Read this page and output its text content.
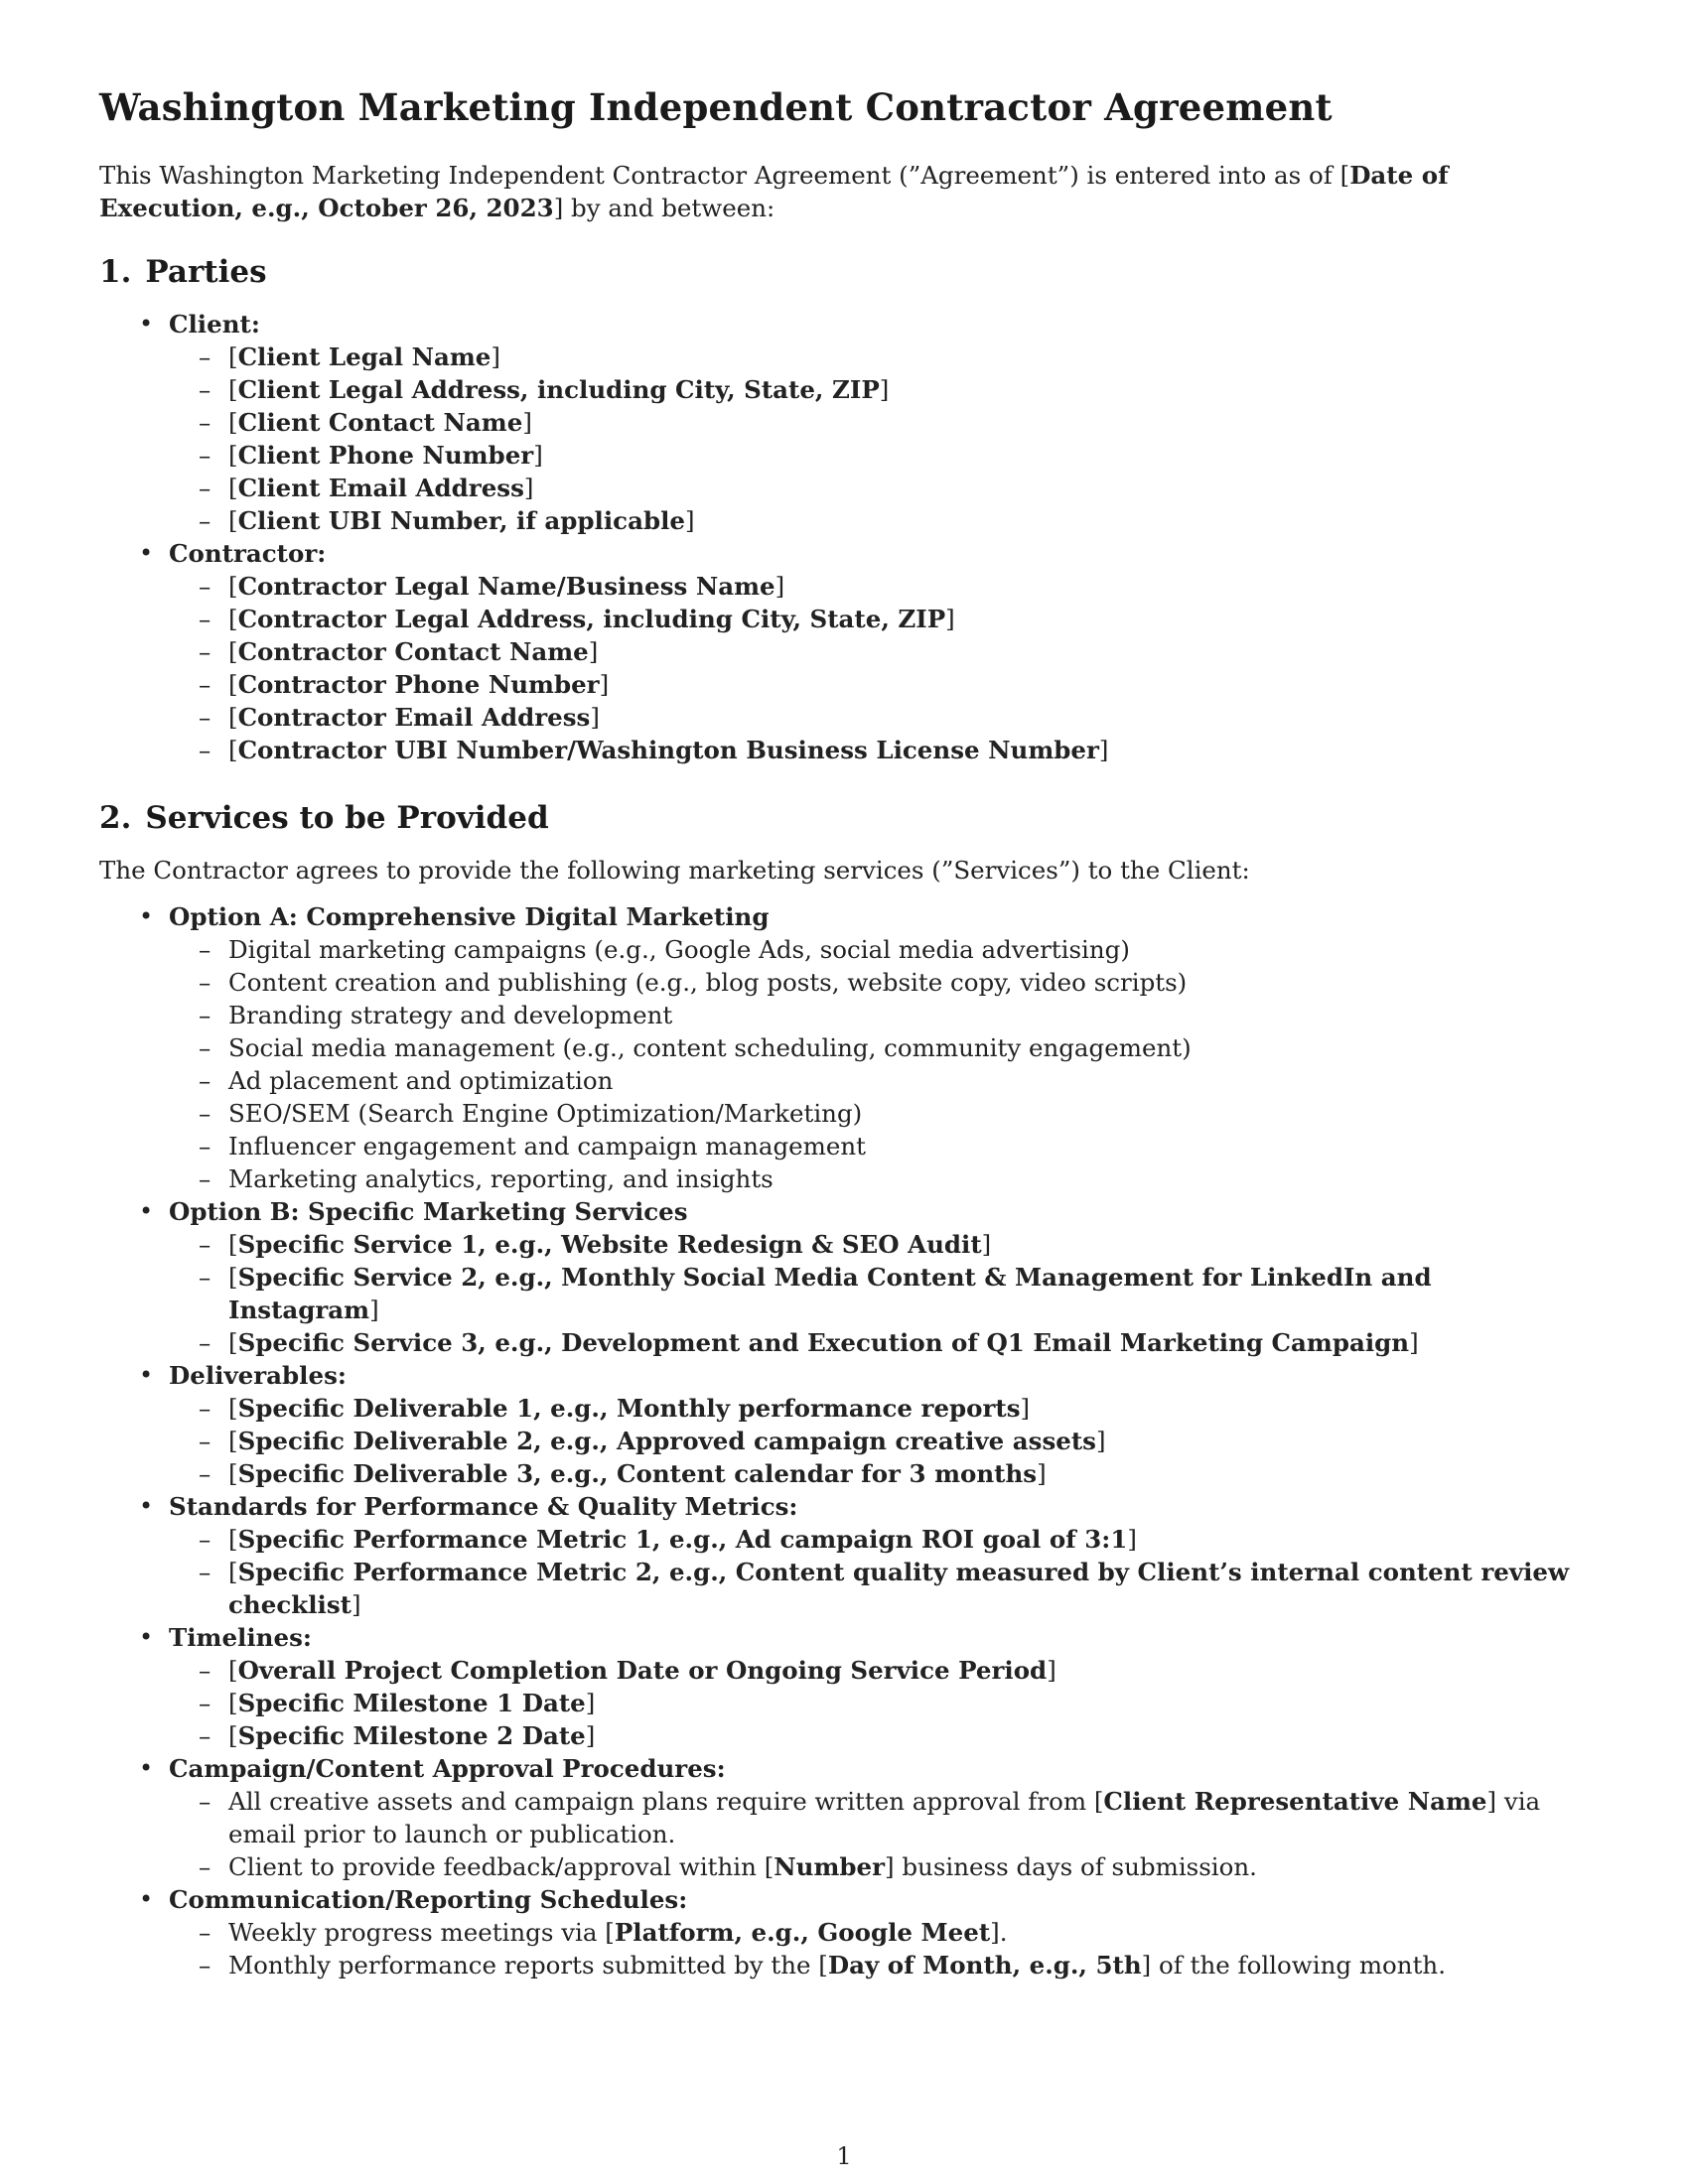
Washington Marketing Independent Contractor Agreement

This Washington Marketing Independent Contractor Agreement (”Agreement”) is entered into as of [Date of Execution, e.g., October 26, 2023] by and between:

1. Parties
• Client:
– [Client Legal Name]
– [Client Legal Address, including City, State, ZIP]
– [Client Contact Name]
– [Client Phone Number]
– [Client Email Address]
– [Client UBI Number, if applicable]
• Contractor:
– [Contractor Legal Name/Business Name]
– [Contractor Legal Address, including City, State, ZIP]
– [Contractor Contact Name]
– [Contractor Phone Number]
– [Contractor Email Address]
– [Contractor UBI Number/Washington Business License Number]
2. Services to be Provided

The Contractor agrees to provide the following marketing services (”Services”) to the Client:

• Option A: Comprehensive Digital Marketing
– Digital marketing campaigns (e.g., Google Ads, social media advertising)
– Content creation and publishing (e.g., blog posts, website copy, video scripts)
– Branding strategy and development
– Social media management (e.g., content scheduling, community engagement)
– Ad placement and optimization
– SEO/SEM (Search Engine Optimization/Marketing)
– Influencer engagement and campaign management
– Marketing analytics, reporting, and insights
• Option B: Specific Marketing Services
– [Specific Service 1, e.g., Website Redesign & SEO Audit]
– [Specific Service 2, e.g., Monthly Social Media Content & Management for LinkedIn and Instagram]
– [Specific Service 3, e.g., Development and Execution of Q1 Email Marketing Campaign]
• Deliverables:
– [Specific Deliverable 1, e.g., Monthly performance reports]
– [Specific Deliverable 2, e.g., Approved campaign creative assets]
– [Specific Deliverable 3, e.g., Content calendar for 3 months]
• Standards for Performance & Quality Metrics:
– [Specific Performance Metric 1, e.g., Ad campaign ROI goal of 3:1]
– [Specific Performance Metric 2, e.g., Content quality measured by Client’s internal content review checklist]
• Timelines:
– [Overall Project Completion Date or Ongoing Service Period]
– [Specific Milestone 1 Date]
– [Specific Milestone 2 Date]
• Campaign/Content Approval Procedures:
– All creative assets and campaign plans require written approval from [Client Representative Name] via email prior to launch or publication.
– Client to provide feedback/approval within [Number] business days of submission.
• Communication/Reporting Schedules:
– Weekly progress meetings via [Platform, e.g., Google Meet].
– Monthly performance reports submitted by the [Day of Month, e.g., 5th] of the following month.
1
